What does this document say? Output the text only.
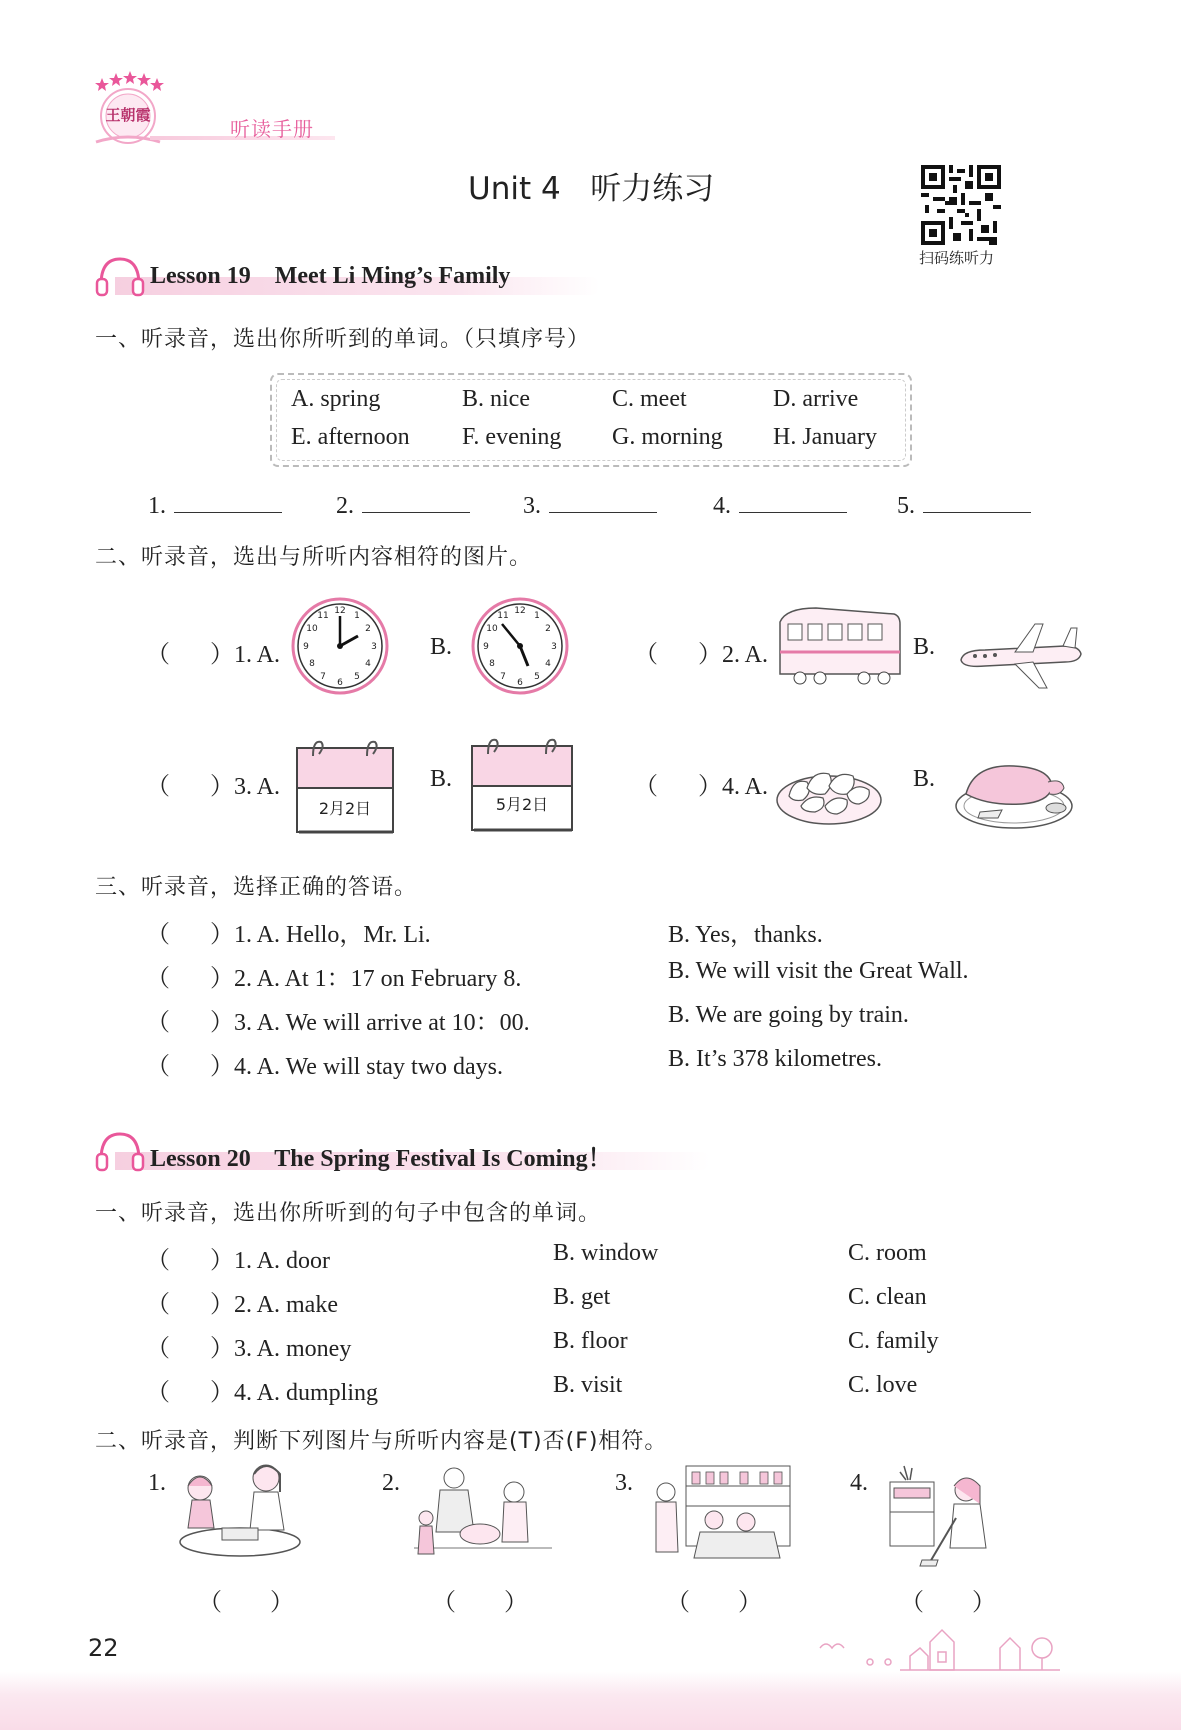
王朝霞
听读手册
Unit 4   听力练习
扫码练听力
Lesson 19    Meet Li Ming’s Family
一、听录音，选出你所听到的单词。（只填序号）
A. spring	B. nice	C. meet	D. arrive
E. afternoon F. evening G. morning H. January
1.	2.	3.	4.	5.
二、听录音，选出与所听内容相符的图片。
（ ）1. A.
12 1
2
3
4
5
6
7
8
9
10
11
B.
12 1
2
3
4
5
6
7
8
9
10
11
（ ）2. A.	B.
（ ）3. A.
2月2日
B.
5月2日
（ ）4. A.	B.
三、听录音，选择正确的答语。
（ ）1. A. Hello，Mr. Li.	B. Yes，thanks.
（ ）2. A. At 1：17 on February 8.	B. We will visit the Great Wall.
（ ）3. A. We will arrive at 10：00.	B. We are going by train.
（ ）4. A. We will stay two days.	B. It’s 378 kilometres.
Lesson 20    The Spring Festival Is Coming！
一、听录音，选出你所听到的句子中包含的单词。
（ ）1. A. door	B. window	C. room
（ ）2. A. make	B. get	C. clean
（ ）3. A. money	B. floor	C. family
（ ）4. A. dumpling	B. visit	C. love
二、听录音，判断下列图片与所听内容是(T)否(F)相符。
1.
（        ）
2.
（        ）
3.
（        ）
4.
（        ）
22
